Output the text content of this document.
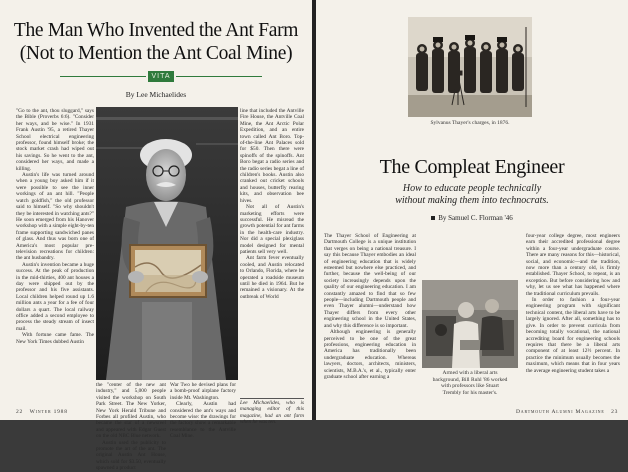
The Man Who Invented the Ant Farm
(Not to Mention the Ant Coal Mine)
VITA
By Lee Michaelides

"Go to the ant, thou sluggard," says the Bible (Proverbs 6:6). "Consider her ways, and be wise." In 1931 Frank Austin '95, a retired Thayer School electrical engineering professor, found himself broke; the stock market crash had wiped out his savings. So he went to the ant, considered her ways, and made a killing.

Austin's life was turned around when a young boy asked him if it were possible to see the inner workings of an ant hill. "People watch goldfish," the old professor said to himself. "So why shouldn't they be interested in watching ants?" He soon emerged from his Hanover workshop with a simple eight-by-ten frame supporting sandwiched panes of glass. And thus was born one of America's most popular pre-television recreations for children: the ant husbandry.

Austin's invention became a huge success. At the peak of production in the mid-thirties, 400 ant houses a day were shipped out by the professor and his five assistants. Local children helped round up 1.6 million ants a year for a fee of four dollars a quart. The local railway office added a second employee to process the steady stream of insect mail.

With fortune came fame. The New York Times dubbed Austin

line that included the Antville Fire House, the Antville Coal Mine, the Ant Arctic Polar Expedition, and an entire town called Ant Boro. Top-of-the-line Ant Palaces sold for $50. Then there were spinoffs of the spinoffs. Ant Boro begat a radio series and the radio series begat a line of children's books. Austin also cranked out cricket schools and houses, butterfly rearing kits, and observation bee hives.

Not all of Austin's marketing efforts were successful. He misread the growth potential for ant farms in the health-care industry. Nor did a special plexiglass model designed for mental patients sell very well.

Ant farm fever eventually cooled, and Austin relocated to Orlando, Florida, where he operated a roadside museum until he died in 1964. But he remained a visionary. At the outbreak of World

the "center of the new ant industry," and 5,000 people visited the workshop on South Park Street. The New Yorker, New York Herald Tribune and Forbes all profiled Austin, who became the star of a newsreel and appeared with Edgar Guest on the old NBC Blue network.

Austin used the publicity to promote the art of the ant. The original Austin Ant House, which sold for $3.50, eventually spawned a product

War Two he devised plans for a bomb-proof airplane factory inside Mt. Washington.

Clearly, Austin had considered the ant's ways and become wise: the drawings for the factory show a remarkable resemblance to the Antville Coal Mine.

Lee Michaelides, who is managing editor of this magazine, had an ant farm when he was ten.

22 Winter 1988
Sylvanus Thayer's charges, in 1876.
The Compleat Engineer
How to educate people technically
without making them into technocrats.
By Samuel C. Florman '46

The Thayer School of Engineering at Dartmouth College is a unique institution that verges on being a national treasure. I say this because Thayer embodies an ideal of engineering education that is widely esteemed but nowhere else practiced, and further, because the well-being of our society increasingly depends upon the quality of our engineering education. I am constantly amazed to find that so few people—including Dartmouth people and even Thayer alumni—understand how Thayer differs from every other engineering school in the United States, and why this difference is so important.

Although engineering is generally perceived to be one of the great professions, engineering education in America has traditionally been undergraduate education. Whereas lawyers, doctors, architects, ministers, scientists, M.B.A.'s, et al., typically enter graduate school after earning a

Armed with a liberal arts
background, Bill Ruhl '86 worked
with professors like Stuart
Trembly for his master's.

four-year college degree, most engineers earn their accredited professional degree within a four-year undergraduate course. There are many reasons for this—historical, social, and economic—and the tradition, now more than a century old, is firmly established. Thayer School, to repeat, is an exception. But before considering how and why, let us see what has happened where the traditional curriculum prevails.

In order to fashion a four-year engineering program with significant technical content, the liberal arts have to be largely ignored. After all, something has to give. In order to prevent curricula from becoming totally vocational, the national accrediting board for engineering schools requires that there be a liberal arts component of at least 12½ percent. In practice the minimum usually becomes the maximum, which means that in four years the average engineering student takes a

Dartmouth Alumni Magazine 23
